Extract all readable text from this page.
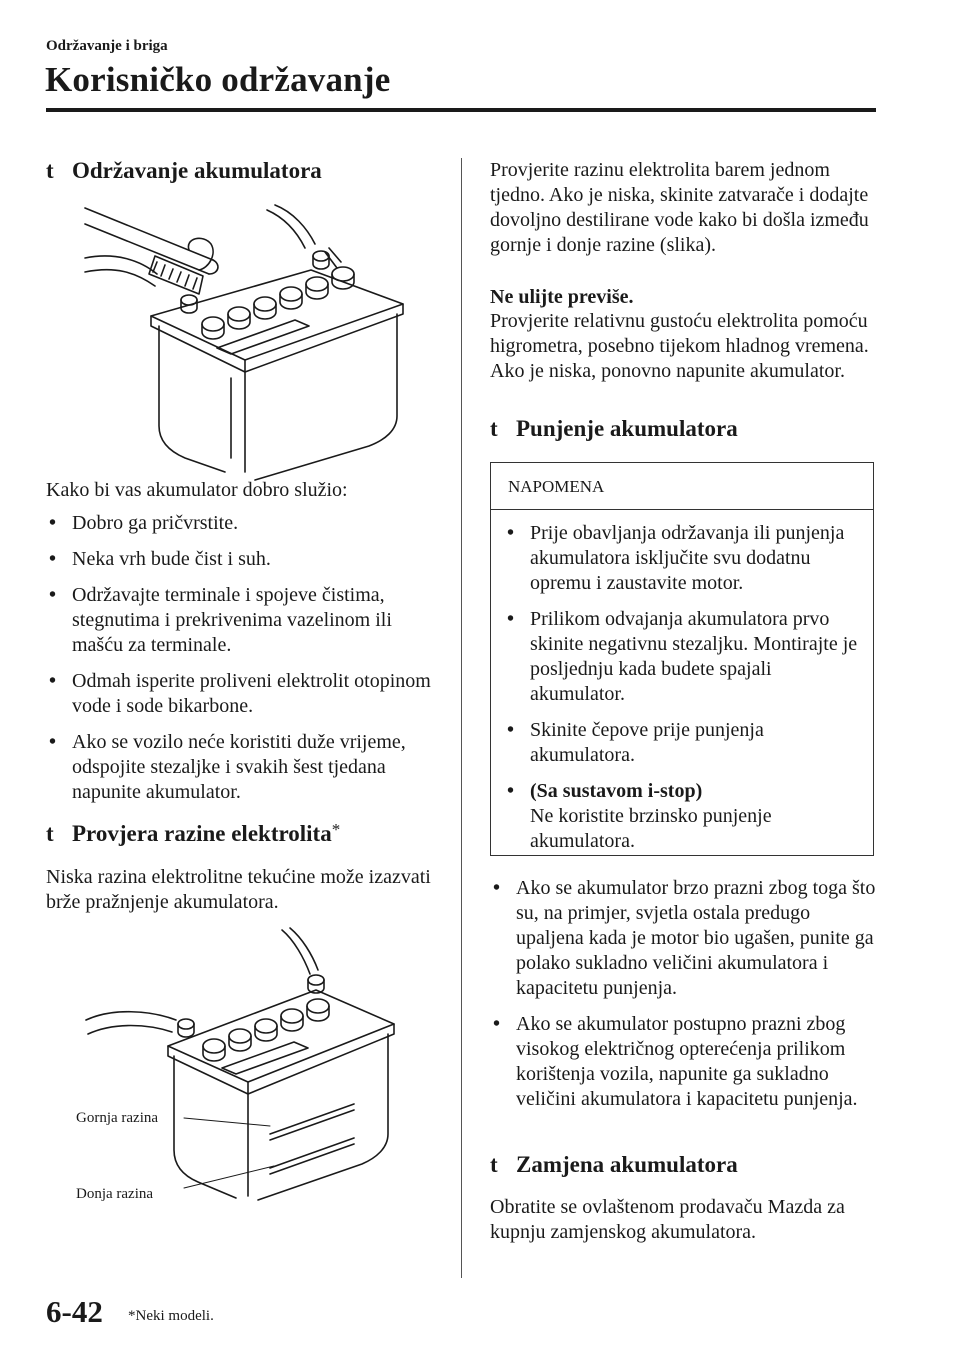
Održavanje i briga
Korisničko održavanje
t Održavanje akumulatora
Kako bi vas akumulator dobro služio:
• Dobro ga pričvrstite.
• Neka vrh bude čist i suh.
• Održavajte terminale i spojeve čistima, stegnutima i prekrivenima vazelinom ili mašću za terminale.
• Odmah isperite proliveni elektrolit otopinom vode i sode bikarbone.
• Ako se vozilo neće koristiti duže vrijeme, odspojite stezaljke i svakih šest tjedana napunite akumulator.
t Provjera razine elektrolita*
Niska razina elektrolitne tekućine može izazvati brže pražnjenje akumulatora.
Gornja razina
Donja razina
Provjerite razinu elektrolita barem jednom tjedno. Ako je niska, skinite zatvarače i dodajte dovoljno destilirane vode kako bi došla između gornje i donje razine (slika).
Ne ulijte previše.
Provjerite relativnu gustoću elektrolita pomoću higrometra, posebno tijekom hladnog vremena. Ako je niska, ponovno napunite akumulator.
t Punjenje akumulatora
NAPOMENA
• Prije obavljanja održavanja ili punjenja akumulatora isključite svu dodatnu opremu i zaustavite motor.
• Prilikom odvajanja akumulatora prvo skinite negativnu stezaljku. Montirajte je posljednju kada budete spajali akumulator.
• Skinite čepove prije punjenja akumulatora.
• (Sa sustavom i-stop)
Ne koristite brzinsko punjenje akumulatora.
• Ako se akumulator brzo prazni zbog toga što su, na primjer, svjetla ostala predugo upaljena kada je motor bio ugašen, punite ga polako sukladno veličini akumulatora i kapacitetu punjenja.
• Ako se akumulator postupno prazni zbog visokog električnog opterećenja prilikom korištenja vozila, napunite ga sukladno veličini akumulatora i kapacitetu punjenja.
t Zamjena akumulatora
Obratite se ovlaštenom prodavaču Mazda za kupnju zamjenskog akumulatora.
6-42 *Neki modeli.
